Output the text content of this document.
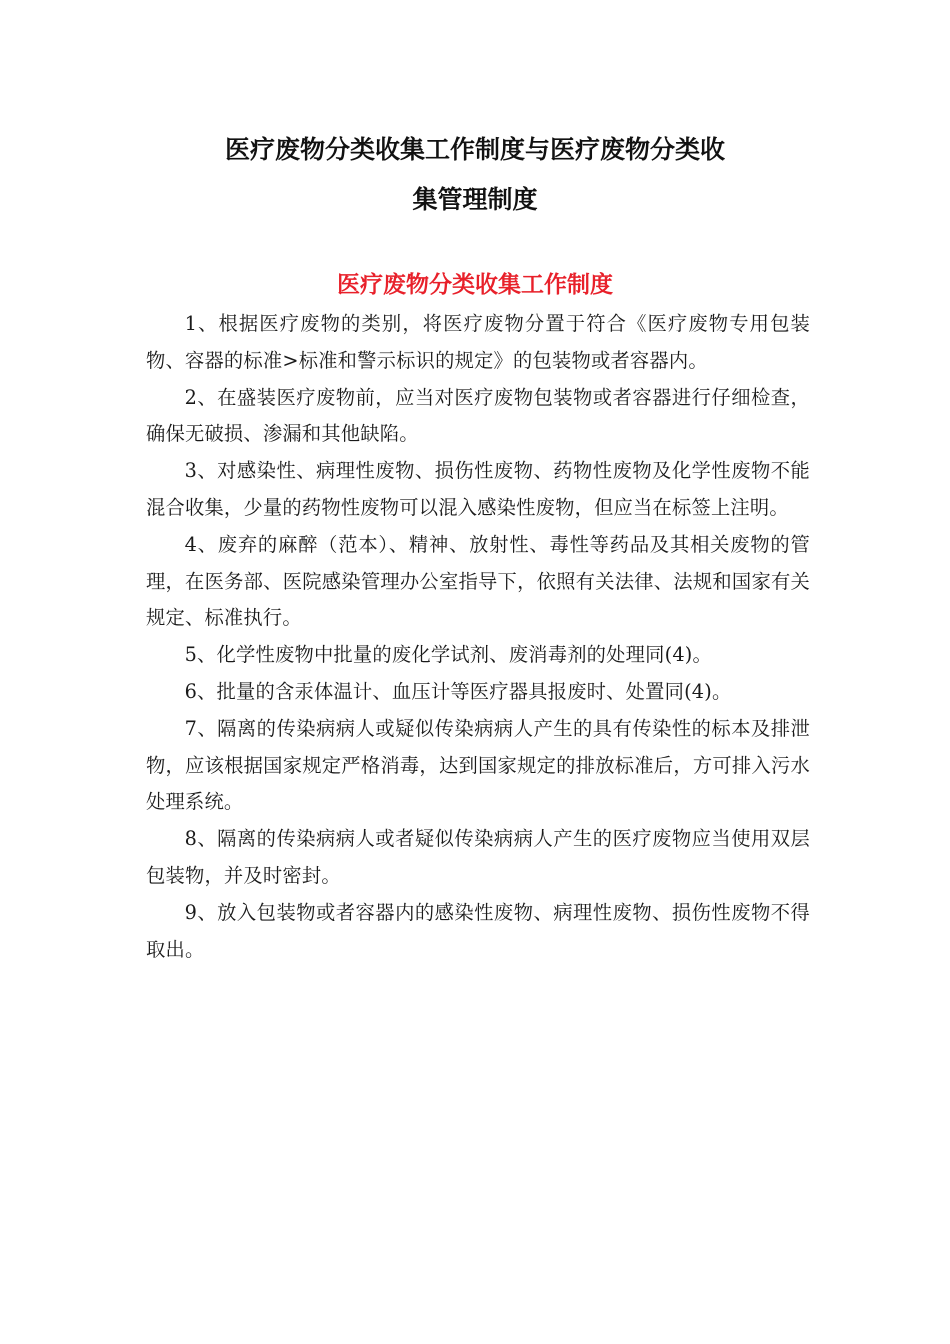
医疗废物分类收集工作制度与医疗废物分类收
集管理制度
医疗废物分类收集工作制度

1、根据医疗废物的类别，将医疗废物分置于符合《医疗废物专用包装物、容器的标准>标准和警示标识的规定》的包装物或者容器内。

2、在盛装医疗废物前，应当对医疗废物包装物或者容器进行仔细检查，确保无破损、渗漏和其他缺陷。

3、对感染性、病理性废物、损伤性废物、药物性废物及化学性废物不能混合收集，少量的药物性废物可以混入感染性废物，但应当在标签上注明。

4、废弃的麻醉（范本）、精神、放射性、毒性等药品及其相关废物的管理，在医务部、医院感染管理办公室指导下，依照有关法律、法规和国家有关规定、标准执行。

5、化学性废物中批量的废化学试剂、废消毒剂的处理同(4)。

6、批量的含汞体温计、血压计等医疗器具报废时、处置同(4)。

7、隔离的传染病病人或疑似传染病病人产生的具有传染性的标本及排泄物，应该根据国家规定严格消毒，达到国家规定的排放标准后，方可排入污水处理系统。

8、隔离的传染病病人或者疑似传染病病人产生的医疗废物应当使用双层包装物，并及时密封。

9、放入包装物或者容器内的感染性废物、病理性废物、损伤性废物不得取出。
